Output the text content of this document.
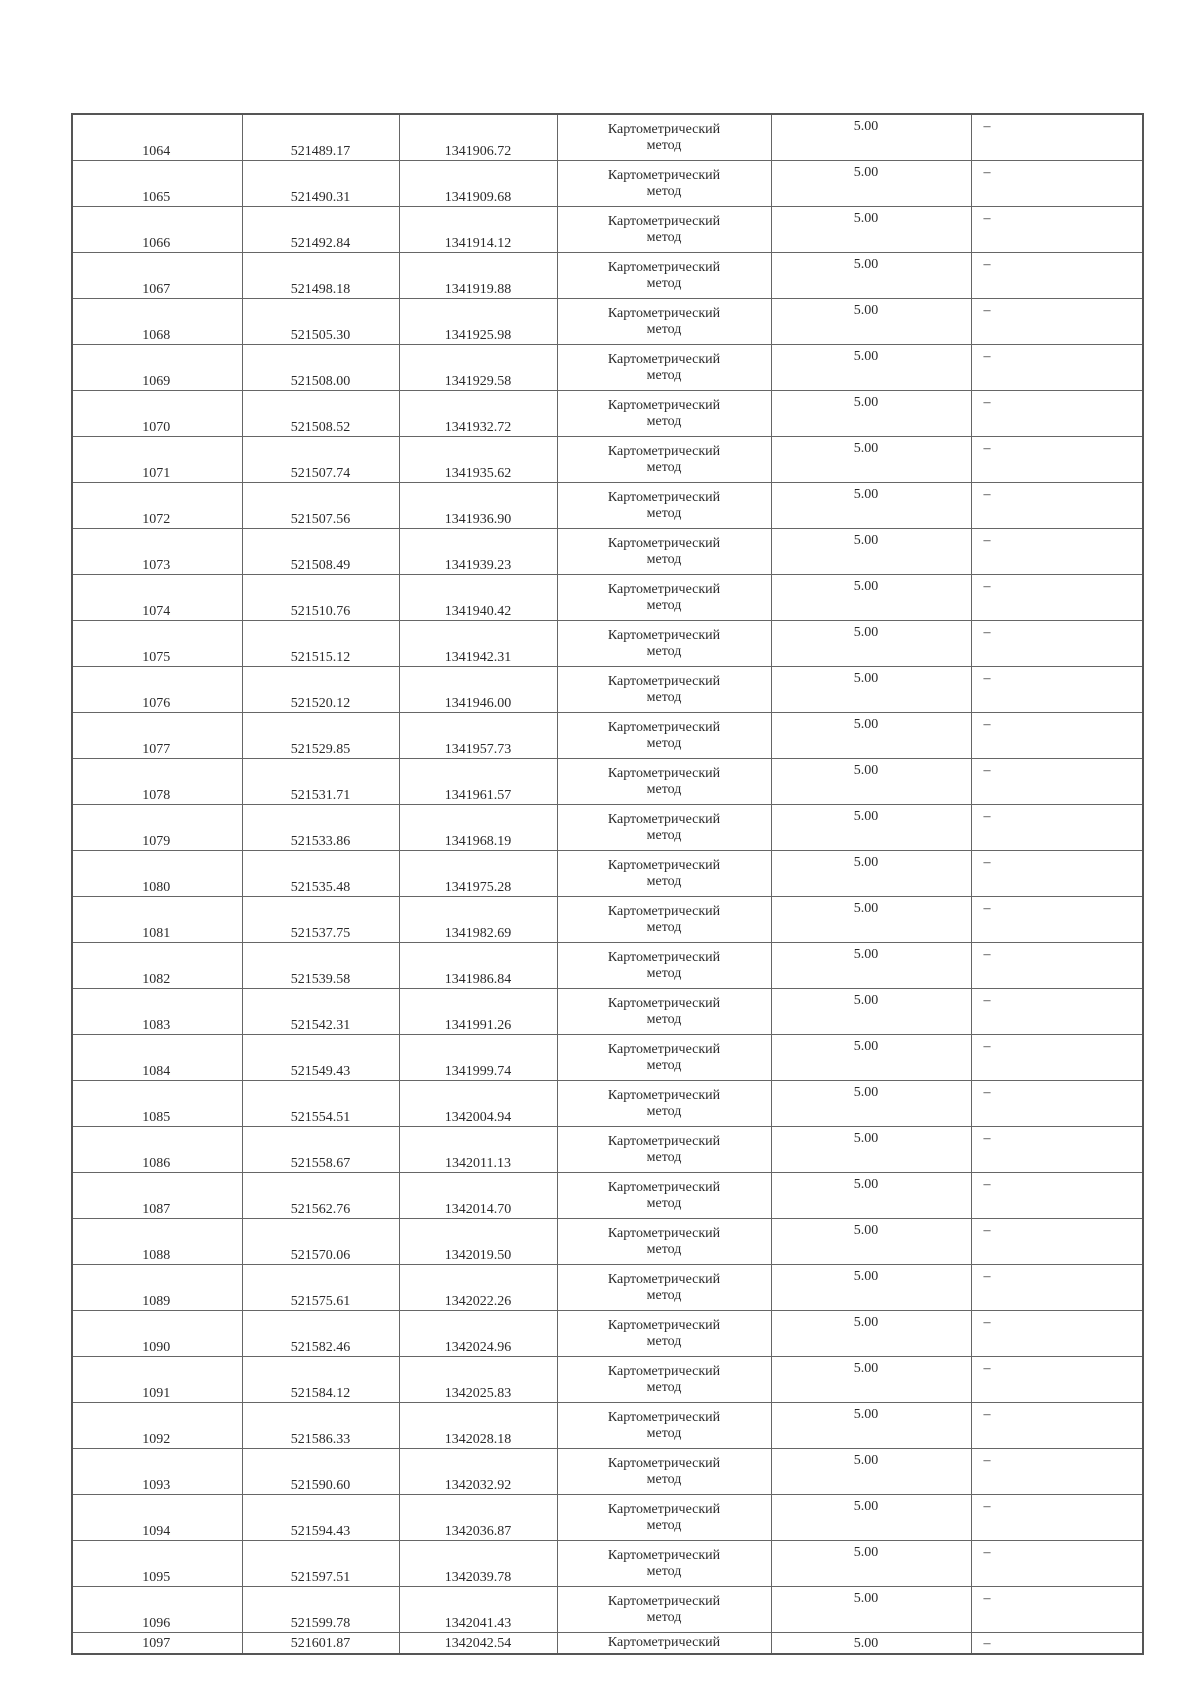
1064	521489.17	1341906.72	Картометрический
метод	5.00	–
1065	521490.31	1341909.68	Картометрический
метод	5.00	–
1066	521492.84	1341914.12	Картометрический
метод	5.00	–
1067	521498.18	1341919.88	Картометрический
метод	5.00	–
1068	521505.30	1341925.98	Картометрический
метод	5.00	–
1069	521508.00	1341929.58	Картометрический
метод	5.00	–
1070	521508.52	1341932.72	Картометрический
метод	5.00	–
1071	521507.74	1341935.62	Картометрический
метод	5.00	–
1072	521507.56	1341936.90	Картометрический
метод	5.00	–
1073	521508.49	1341939.23	Картометрический
метод	5.00	–
1074	521510.76	1341940.42	Картометрический
метод	5.00	–
1075	521515.12	1341942.31	Картометрический
метод	5.00	–
1076	521520.12	1341946.00	Картометрический
метод	5.00	–
1077	521529.85	1341957.73	Картометрический
метод	5.00	–
1078	521531.71	1341961.57	Картометрический
метод	5.00	–
1079	521533.86	1341968.19	Картометрический
метод	5.00	–
1080	521535.48	1341975.28	Картометрический
метод	5.00	–
1081	521537.75	1341982.69	Картометрический
метод	5.00	–
1082	521539.58	1341986.84	Картометрический
метод	5.00	–
1083	521542.31	1341991.26	Картометрический
метод	5.00	–
1084	521549.43	1341999.74	Картометрический
метод	5.00	–
1085	521554.51	1342004.94	Картометрический
метод	5.00	–
1086	521558.67	1342011.13	Картометрический
метод	5.00	–
1087	521562.76	1342014.70	Картометрический
метод	5.00	–
1088	521570.06	1342019.50	Картометрический
метод	5.00	–
1089	521575.61	1342022.26	Картометрический
метод	5.00	–
1090	521582.46	1342024.96	Картометрический
метод	5.00	–
1091	521584.12	1342025.83	Картометрический
метод	5.00	–
1092	521586.33	1342028.18	Картометрический
метод	5.00	–
1093	521590.60	1342032.92	Картометрический
метод	5.00	–
1094	521594.43	1342036.87	Картометрический
метод	5.00	–
1095	521597.51	1342039.78	Картометрический
метод	5.00	–
1096	521599.78	1342041.43	Картометрический
метод	5.00	–
1097	521601.87	1342042.54	Картометрический	5.00	–
